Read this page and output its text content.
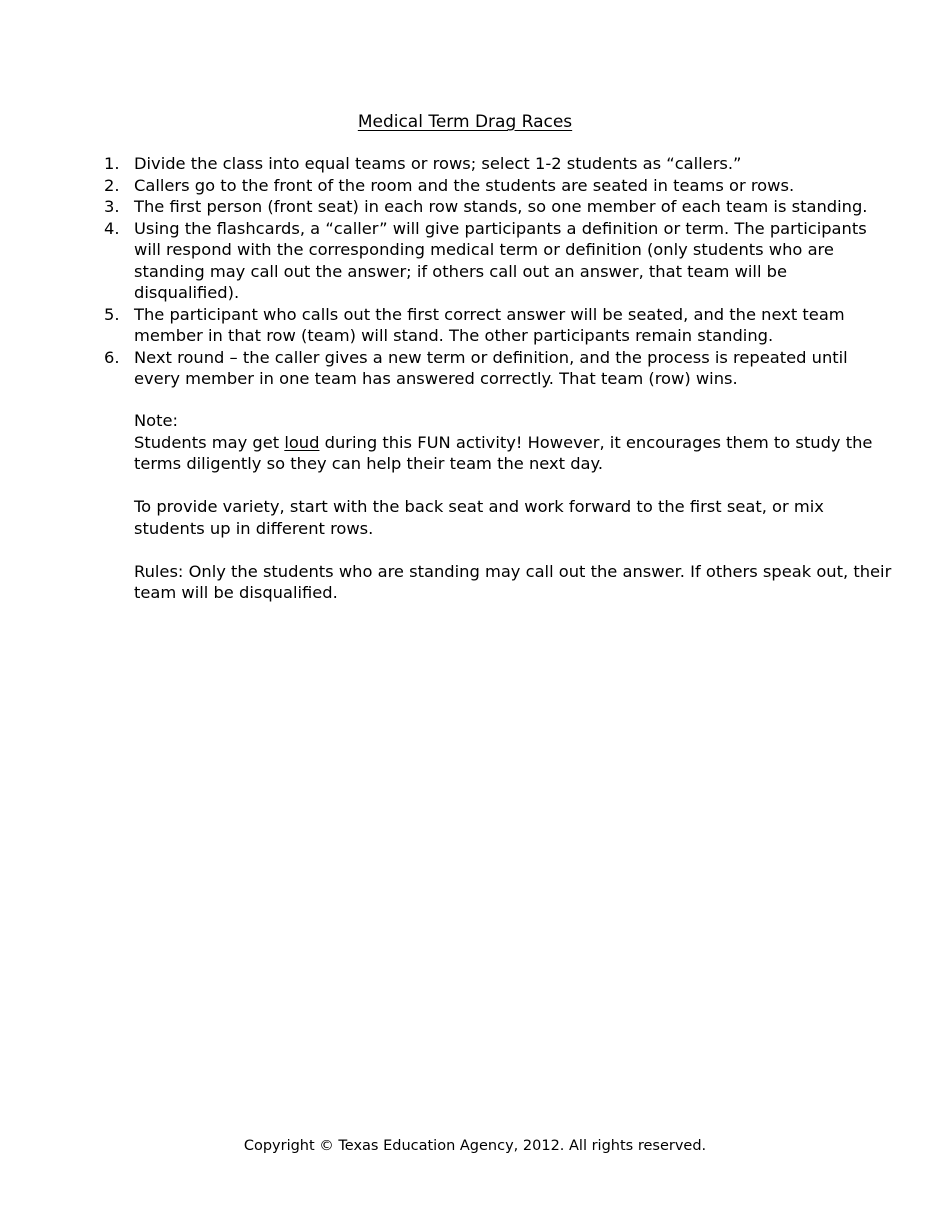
Medical Term Drag Races
1. Divide the class into equal teams or rows; select 1-2 students as “callers.”
2. Callers go to the front of the room and the students are seated in teams or rows.
3. The first person (front seat) in each row stands, so one member of each team is standing.
4. Using the flashcards, a “caller” will give participants a definition or term. The participants will respond with the corresponding medical term or definition (only students who are standing may call out the answer; if others call out an answer, that team will be disqualified).
5. The participant who calls out the first correct answer will be seated, and the next team member in that row (team) will stand. The other participants remain standing.
6. Next round – the caller gives a new term or definition, and the process is repeated until every member in one team has answered correctly. That team (row) wins.

Note:

Students may get loud during this FUN activity! However, it encourages them to study the terms diligently so they can help their team the next day.

To provide variety, start with the back seat and work forward to the first seat, or mix students up in different rows.

Rules: Only the students who are standing may call out the answer. If others speak out, their team will be disqualified.

Copyright © Texas Education Agency, 2012. All rights reserved.
